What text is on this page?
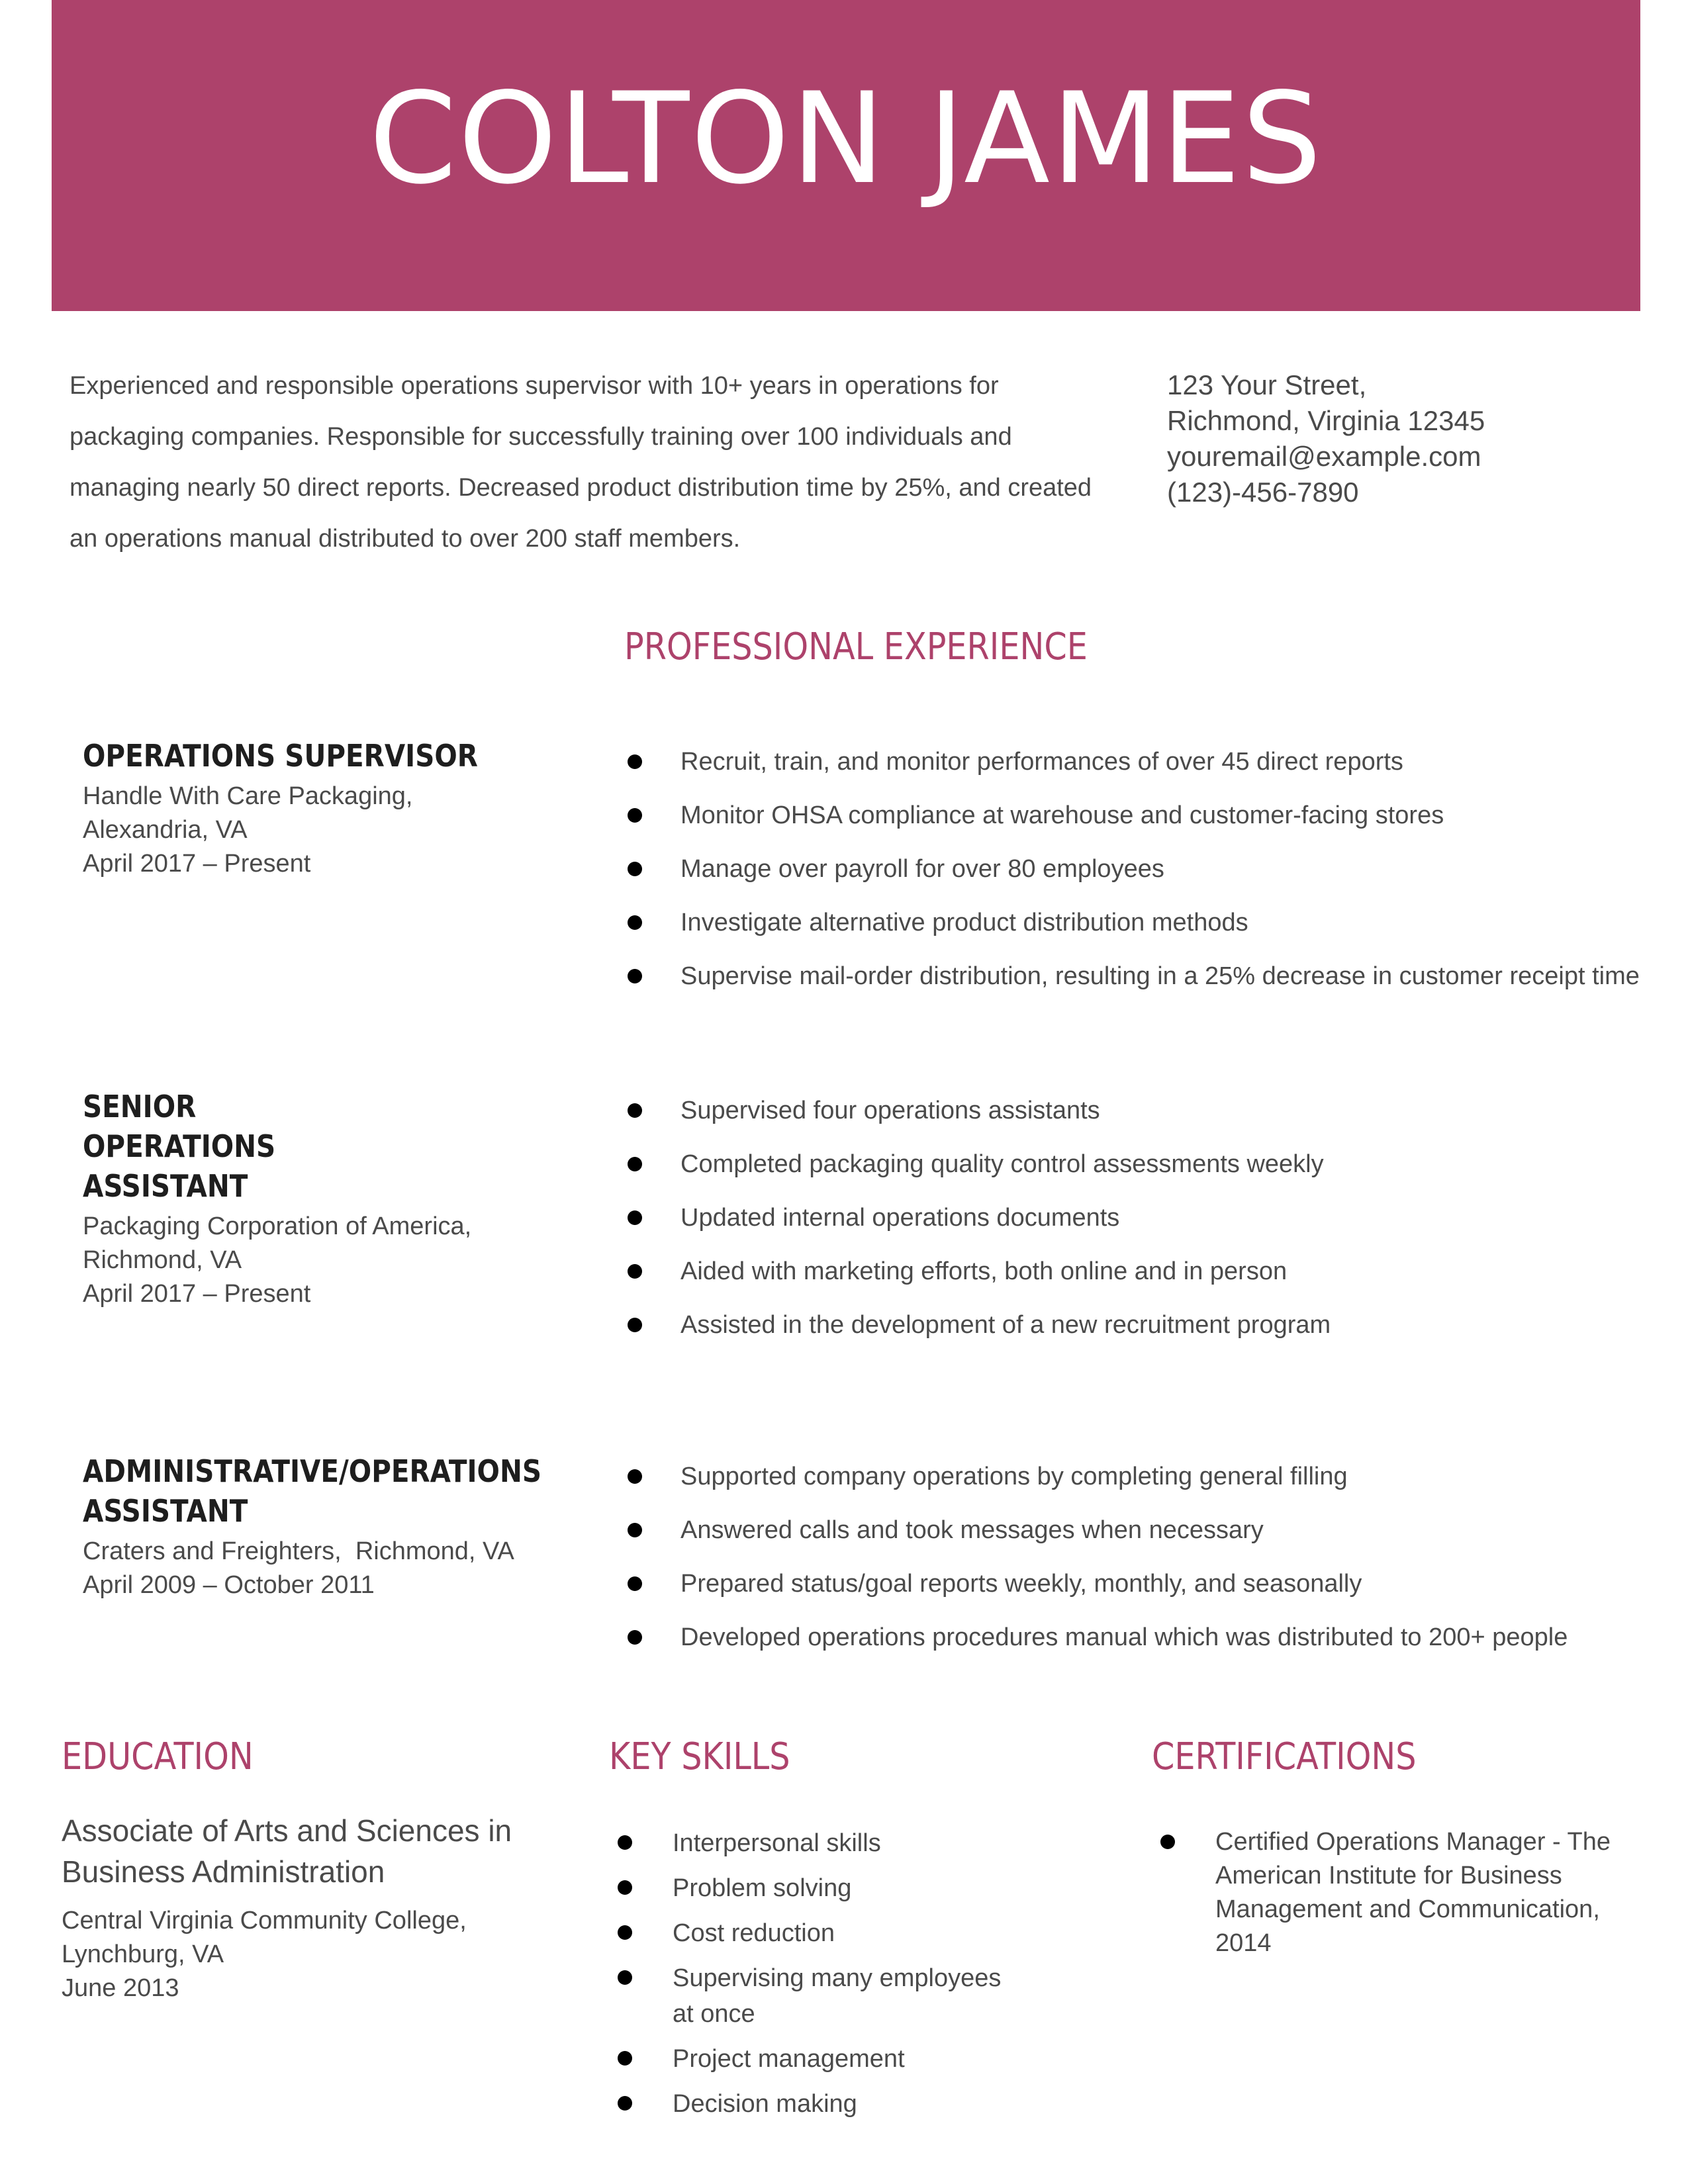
COLTON JAMES

Experienced and responsible operations supervisor with 10+ years in operations for packaging companies. Responsible for successfully training over 100 individuals and managing nearly 50 direct reports. Decreased product distribution time by 25%, and created an operations manual distributed to over 200 staff members.

123 Your Street,
Richmond, Virginia 12345
youremail@example.com
(123)-456-7890
PROFESSIONAL EXPERIENCE
OPERATIONS SUPERVISOR
Handle With Care Packaging,
Alexandria, VA
April 2017 – Present
Recruit, train, and monitor performances of over 45 direct reports
Monitor OHSA compliance at warehouse and customer-facing stores
Manage over payroll for over 80 employees
Investigate alternative product distribution methods
Supervise mail-order distribution, resulting in a 25% decrease in customer receipt time
SENIOR OPERATIONS ASSISTANT
Packaging Corporation of America,
Richmond, VA
April 2017 – Present
Supervised four operations assistants
Completed packaging quality control assessments weekly
Updated internal operations documents
Aided with marketing efforts, both online and in person
Assisted in the development of a new recruitment program
ADMINISTRATIVE/OPERATIONS ASSISTANT
Craters and Freighters,  Richmond, VA
April 2009 – October 2011
Supported company operations by completing general filling
Answered calls and took messages when necessary
Prepared status/goal reports weekly, monthly, and seasonally
Developed operations procedures manual which was distributed to 200+ people
EDUCATION	KEY SKILLS	CERTIFICATIONS
Associate of Arts and Sciences in Business Administration
Central Virginia Community College,
Lynchburg, VA
June 2013
Interpersonal skills
Problem solving
Cost reduction
Supervising many employees at once
Project management
Decision making
Certified Operations Manager - The American Institute for Business Management and Communication, 2014
